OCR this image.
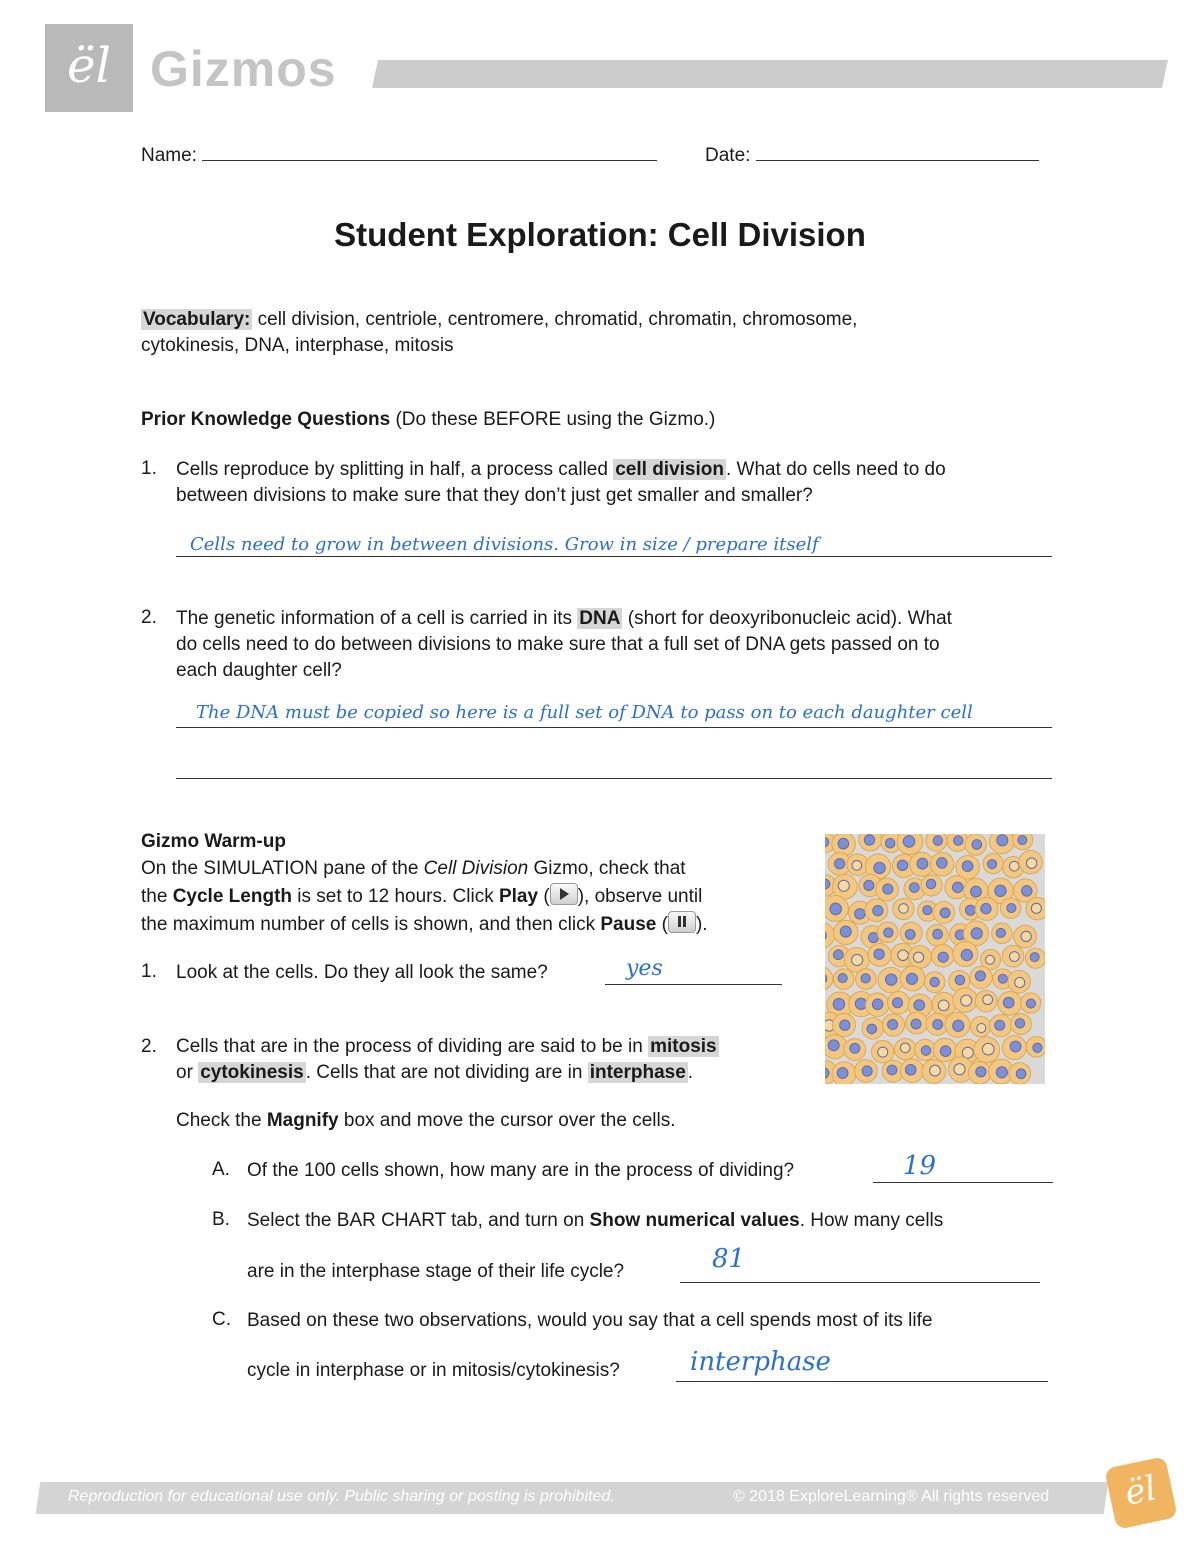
ël Gizmos
Name:	Date:
Student Exploration: Cell Division
Vocabulary: cell division, centriole, centromere, chromatid, chromatin, chromosome,
cytokinesis, DNA, interphase, mitosis
Prior Knowledge Questions (Do these BEFORE using the Gizmo.)
1. Cells reproduce by splitting in half, a process called cell division . What do cells need to do
between divisions to make sure that they don’t just get smaller and smaller?
Cells need to grow in between divisions. Grow in size / prepare itself
2. The genetic information of a cell is carried in its DNA (short for deoxyribonucleic acid). What
do cells need to do between divisions to make sure that a full set of DNA gets passed on to
each daughter cell?
The DNA must be copied so here is a full set of DNA to pass on to each daughter cell
Gizmo Warm-up
On the SIMULATION pane of the Cell Division Gizmo, check that
the Cycle Length is set to 12 hours. Click Play ( ), observe until
the maximum number of cells is shown, and then click Pause ( ).
1. Look at the cells. Do they all look the same?	yes
2. Cells that are in the process of dividing are said to be in mitosis
or cytokinesis . Cells that are not dividing are in interphase .
Check the Magnify box and move the cursor over the cells.
A. Of the 100 cells shown, how many are in the process of dividing?	19
B. Select the BAR CHART tab, and turn on Show numerical values. How many cells
are in the interphase stage of their life cycle?	81
C. Based on these two observations, would you say that a cell spends most of its life
cycle in interphase or in mitosis/cytokinesis?	interphase
Reproduction for educational use only. Public sharing or posting is prohibited.	© 2018 ExploreLearning® All rights reserved	ël
